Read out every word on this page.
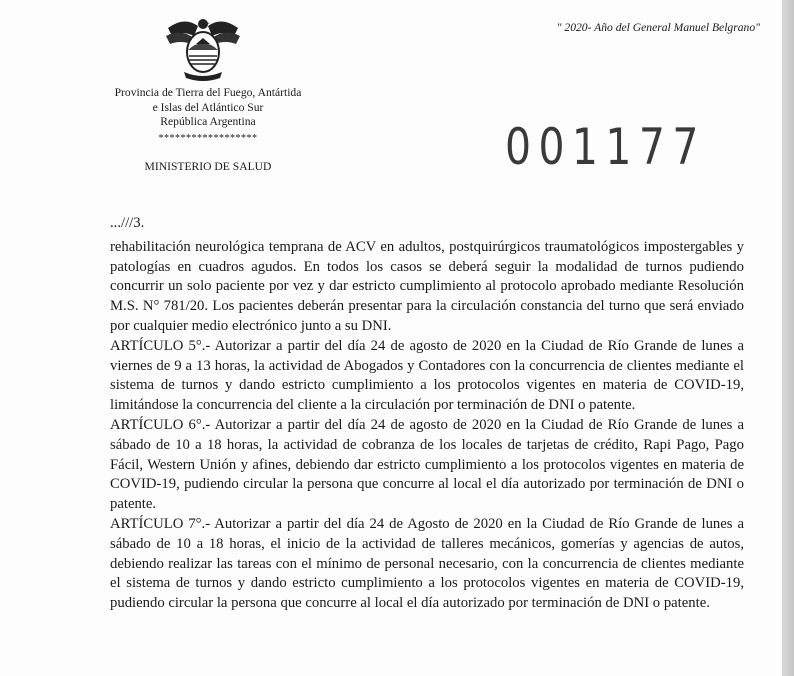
Provincia de Tierra del Fuego, Antártida
e Islas del Atlántico Sur
República Argentina
******************
MINISTERIO DE SALUD
" 2020- Año del General Manuel Belgrano"
001177

...///3.

rehabilitación neurológica temprana de ACV en adultos, postquirúrgicos traumatológicos impostergables y patologías en cuadros agudos. En todos los casos se deberá seguir la modalidad de turnos pudiendo concurrir un solo paciente por vez y dar estricto cumplimiento al protocolo aprobado mediante Resolución M.S. N° 781/20. Los pacientes deberán presentar para la circulación constancia del turno que será enviado por cualquier medio electrónico junto a su DNI.

ARTÍCULO 5°.- Autorizar a partir del día 24 de agosto de 2020 en la Ciudad de Río Grande de lunes a viernes de 9 a 13 horas, la actividad de Abogados y Contadores con la concurrencia de clientes mediante el sistema de turnos y dando estricto cumplimiento a los protocolos vigentes en materia de COVID-19, limitándose la concurrencia del cliente a la circulación por terminación de DNI o patente.

ARTÍCULO 6°.- Autorizar a partir del día 24 de agosto de 2020 en la Ciudad de Río Grande de lunes a sábado de 10 a 18 horas, la actividad de cobranza de los locales de tarjetas de crédito, Rapi Pago, Pago Fácil, Western Unión y afines, debiendo dar estricto cumplimiento a los protocolos vigentes en materia de COVID-19, pudiendo circular la persona que concurre al local el día autorizado por terminación de DNI o patente.

ARTÍCULO 7°.- Autorizar a partir del día 24 de Agosto de 2020 en la Ciudad de Río Grande de lunes a sábado de 10 a 18 horas, el inicio de la actividad de talleres mecánicos, gomerías y agencias de autos, debiendo realizar las tareas con el mínimo de personal necesario, con la concurrencia de clientes mediante el sistema de turnos y dando estricto cumplimiento a los protocolos vigentes en materia de COVID-19, pudiendo circular la persona que concurre al local el día autorizado por terminación de DNI o patente.
